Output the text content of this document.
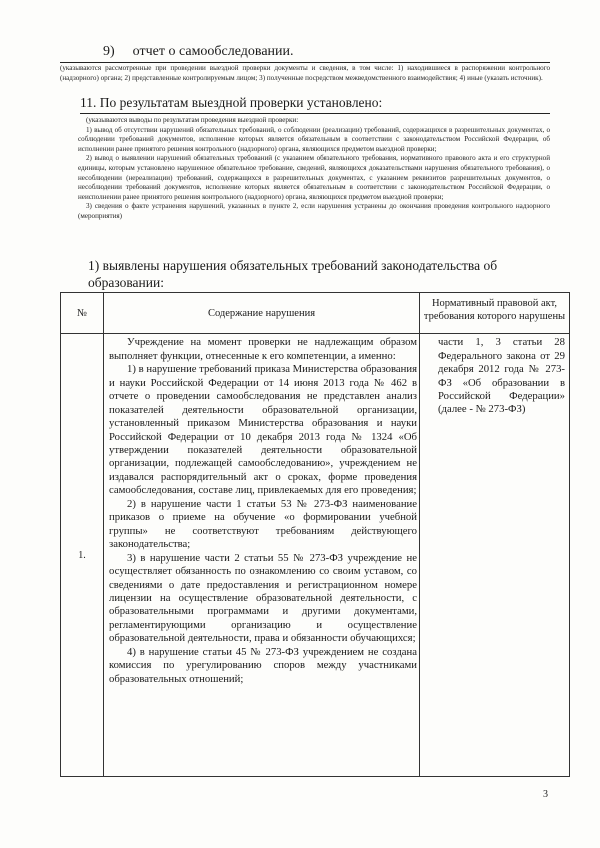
9) отчет о самообследовании.
(указываются рассмотренные при проведении выездной проверки документы и сведения, в том числе: 1) находившиеся в распоряжении контрольного (надзорного) органа; 2) представленные контролируемым лицом; 3) полученные посредством межведомственного взаимодействия; 4) иные (указать источник).
11. По результатам выездной проверки установлено:

(указываются выводы по результатам проведения выездной проверки:

1) вывод об отсутствии нарушений обязательных требований, о соблюдении (реализации) требований, содержащихся в разрешительных документах, о соблюдении требований документов, исполнение которых является обязательным в соответствии с законодательством Российской Федерации, об исполнении ранее принятого решения контрольного (надзорного) органа, являющихся предметом выездной проверки;

2) вывод о выявлении нарушений обязательных требований (с указанием обязательного требования, нормативного правового акта и его структурной единицы, которым установлено нарушенное обязательное требование, сведений, являющихся доказательствами нарушения обязательного требования), о несоблюдении (нереализации) требований, содержащихся в разрешительных документах, с указанием реквизитов разрешительных документов, о несоблюдении требований документов, исполнение которых является обязательным в соответствии с законодательством Российской Федерации, о неисполнении ранее принятого решения контрольного (надзорного) органа, являющихся предметом выездной проверки;

3) сведения о факте устранения нарушений, указанных в пункте 2, если нарушения устранены до окончания проведения контрольного надзорного (мероприятия)

1) выявлены нарушения обязательных требований законодательства об образовании:
№	Содержание нарушения	Нормативный правовой акт, требования которого нарушены
1.	Учреждение на момент проверки не надлежащим образом выполняет функции, отнесенные к его компетенции, а именно:

1) в нарушение требований приказа Министерства образования и науки Российской Федерации от 14 июня 2013 года № 462 в отчете о проведении самообследования не представлен анализ показателей деятельности образовательной организации, установленный приказом Министерства образования и науки Российской Федерации от 10 декабря 2013 года № 1324 «Об утверждении показателей деятельности образовательной организации, подлежащей самообследованию», учреждением не издавался распорядительный акт о сроках, форме проведения самообследования, составе лиц, привлекаемых для его проведения;

2) в нарушение части 1 статьи 53 № 273-ФЗ наименование приказов о приеме на обучение «о формировании учебной группы» не соответствуют требованиям действующего законодательства;

3) в нарушение части 2 статьи 55 № 273-ФЗ учреждение не осуществляет обязанность по ознакомлению со своим уставом, со сведениями о дате предоставления и регистрационном номере лицензии на осуществление образовательной деятельности, с образовательными программами и другими документами, регламентирующими организацию и осуществление образовательной деятельности, права и обязанности обучающихся;

4) в нарушение статьи 45 № 273-ФЗ учреждением не создана комиссия по урегулированию споров между участниками образовательных отношений;	части 1, 3 статьи 28 Федерального закона от 29 декабря 2012 года № 273-ФЗ «Об образовании в Российской Федерации» (далее - № 273-ФЗ)
3
